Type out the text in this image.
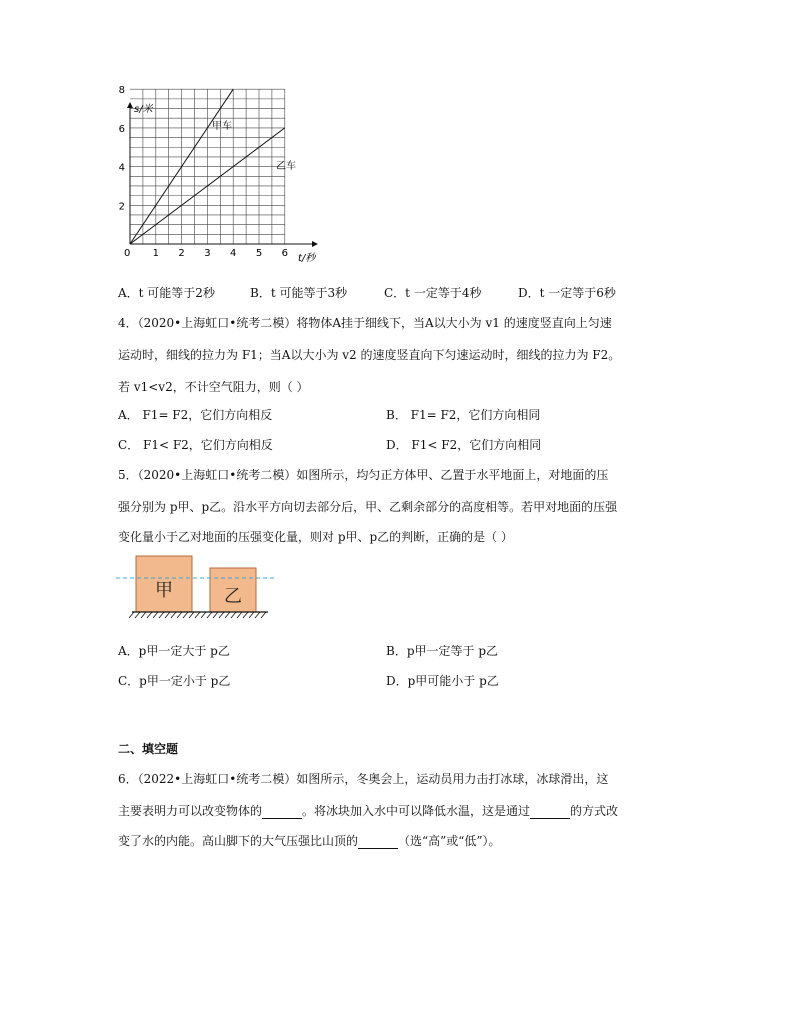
s/米
t/秒
0 1 2 3 4 5 6
2
4
6
8
甲车
乙车
A．t 可能等于2秒	B．t 可能等于3秒	C．t 一定等于4秒	D．t 一定等于6秒
4．（2020•上海虹口•统考二模）将物体A挂于细线下，当A以大小为 v1 的速度竖直向上匀速
运动时，细线的拉力为 F1；当A以大小为 v2 的速度竖直向下匀速运动时，细线的拉力为 F2。
若 v1<v2，不计空气阻力，则（ ）
A． F1= F2，它们方向相反	B． F1= F2，它们方向相同
C． F1< F2，它们方向相反	D． F1< F2，它们方向相同
5．（2020•上海虹口•统考二模）如图所示，均匀正方体甲、乙置于水平地面上，对地面的压
强分别为 p甲、p乙。沿水平方向切去部分后，甲、乙剩余部分的高度相等。若甲对地面的压强
变化量小于乙对地面的压强变化量，则对 p甲、p乙的判断，正确的是（ ）
甲	乙
A．p甲一定大于 p乙	B．p甲一定等于 p乙
C．p甲一定小于 p乙	D．p甲可能小于 p乙
二、填空题
6．（2022•上海虹口•统考二模）如图所示，冬奥会上，运动员用力击打冰球，冰球滑出，这
主要表明力可以改变物体的	。将冰块加入水中可以降低水温，这是通过	的方式改
变了水的内能。高山脚下的大气压强比山顶的	（选“高”或“低”）。
